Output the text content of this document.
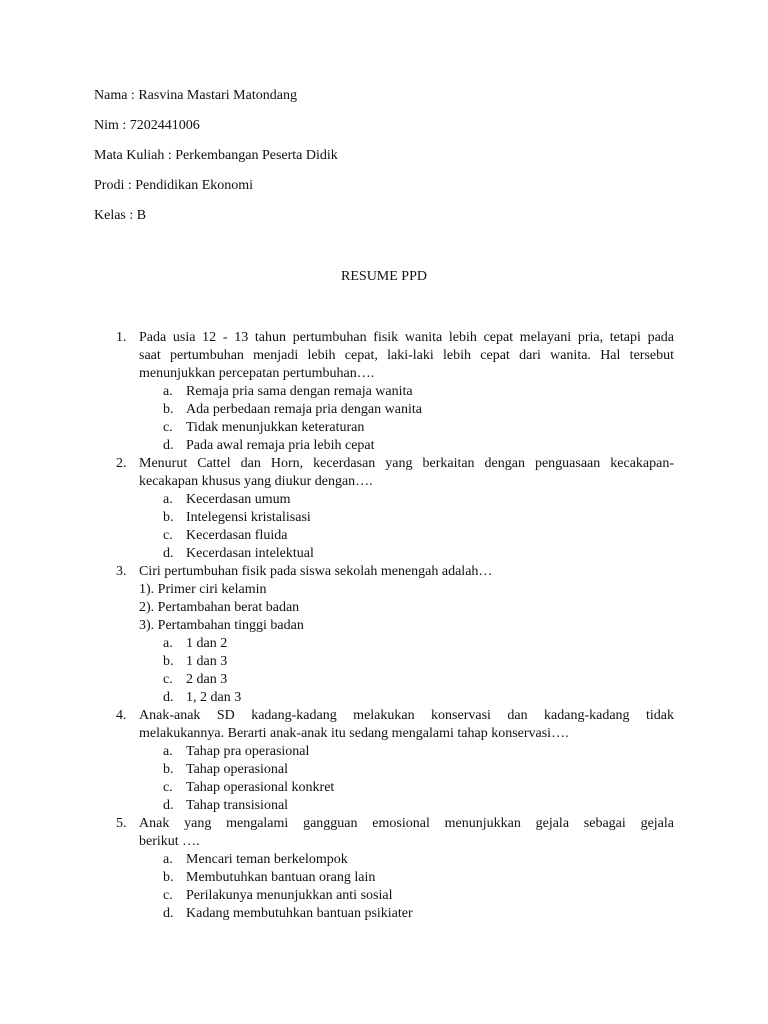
Nama : Rasvina Mastari Matondang
Nim : 7202441006
Mata Kuliah : Perkembangan Peserta Didik
Prodi : Pendidikan Ekonomi
Kelas : B
RESUME PPD
1. Pada usia 12 - 13 tahun pertumbuhan fisik wanita lebih cepat melayani pria, tetapi pada
saat pertumbuhan menjadi lebih cepat, laki-laki lebih cepat dari wanita. Hal tersebut
menunjukkan percepatan pertumbuhan….
a. Remaja pria sama dengan remaja wanita
b. Ada perbedaan remaja pria dengan wanita
c. Tidak menunjukkan keteraturan
d. Pada awal remaja pria lebih cepat
2. Menurut Cattel dan Horn, kecerdasan yang berkaitan dengan penguasaan kecakapan-
kecakapan khusus yang diukur dengan….
a. Kecerdasan umum
b. Intelegensi kristalisasi
c. Kecerdasan fluida
d. Kecerdasan intelektual
3. Ciri pertumbuhan fisik pada siswa sekolah menengah adalah…
1). Primer ciri kelamin
2). Pertambahan berat badan
3). Pertambahan tinggi badan
a. 1 dan 2
b. 1 dan 3
c. 2 dan 3
d. 1, 2 dan 3
4. Anak-anak SD kadang-kadang melakukan konservasi dan kadang-kadang tidak
melakukannya. Berarti anak-anak itu sedang mengalami tahap konservasi….
a. Tahap pra operasional
b. Tahap operasional
c. Tahap operasional konkret
d. Tahap transisional
5. Anak yang mengalami gangguan emosional menunjukkan gejala sebagai gejala
berikut ….
a. Mencari teman berkelompok
b. Membutuhkan bantuan orang lain
c. Perilakunya menunjukkan anti sosial
d. Kadang membutuhkan bantuan psikiater
